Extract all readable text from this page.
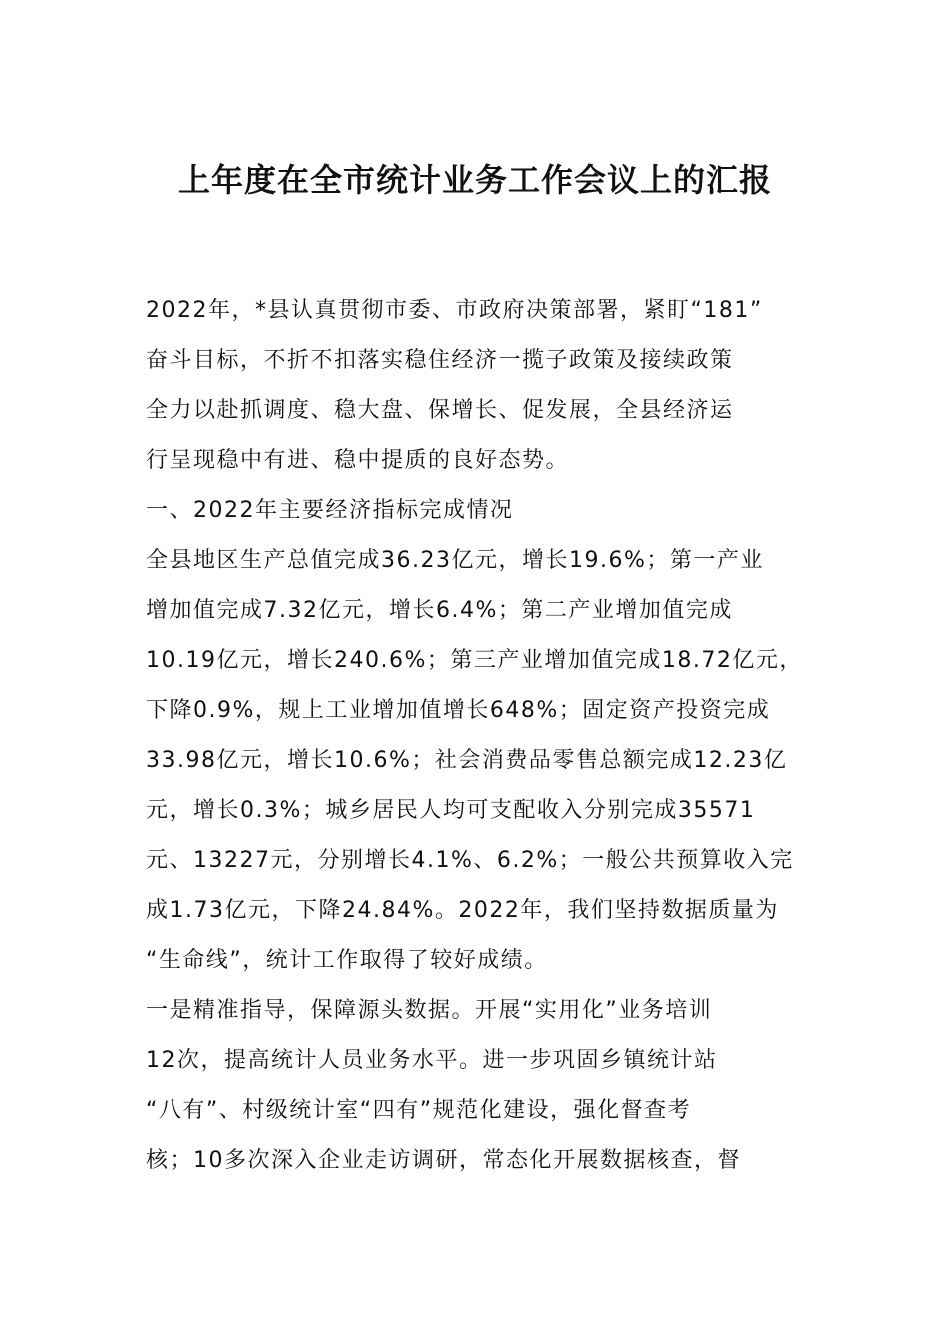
上年度在全市统计业务工作会议上的汇报
2022年，*县认真贯彻市委、市政府决策部署，紧盯“181”
奋斗目标，不折不扣落实稳住经济一揽子政策及接续政策
全力以赴抓调度、稳大盘、保增长、促发展，全县经济运
行呈现稳中有进、稳中提质的良好态势。
一、2022年主要经济指标完成情况
全县地区生产总值完成36.23亿元，增长19.6%；第一产业
增加值完成7.32亿元，增长6.4%；第二产业增加值完成
10.19亿元，增长240.6%；第三产业增加值完成18.72亿元，
下降0.9%，规上工业增加值增长648%；固定资产投资完成
33.98亿元，增长10.6%；社会消费品零售总额完成12.23亿
元，增长0.3%；城乡居民人均可支配收入分别完成35571
元、13227元，分别增长4.1%、6.2%；一般公共预算收入完
成1.73亿元，下降24.84%。2022年，我们坚持数据质量为
“生命线”，统计工作取得了较好成绩。
一是精准指导，保障源头数据。开展“实用化”业务培训
12次，提高统计人员业务水平。进一步巩固乡镇统计站
“八有”、村级统计室“四有”规范化建设，强化督查考
核；10多次深入企业走访调研，常态化开展数据核查，督
